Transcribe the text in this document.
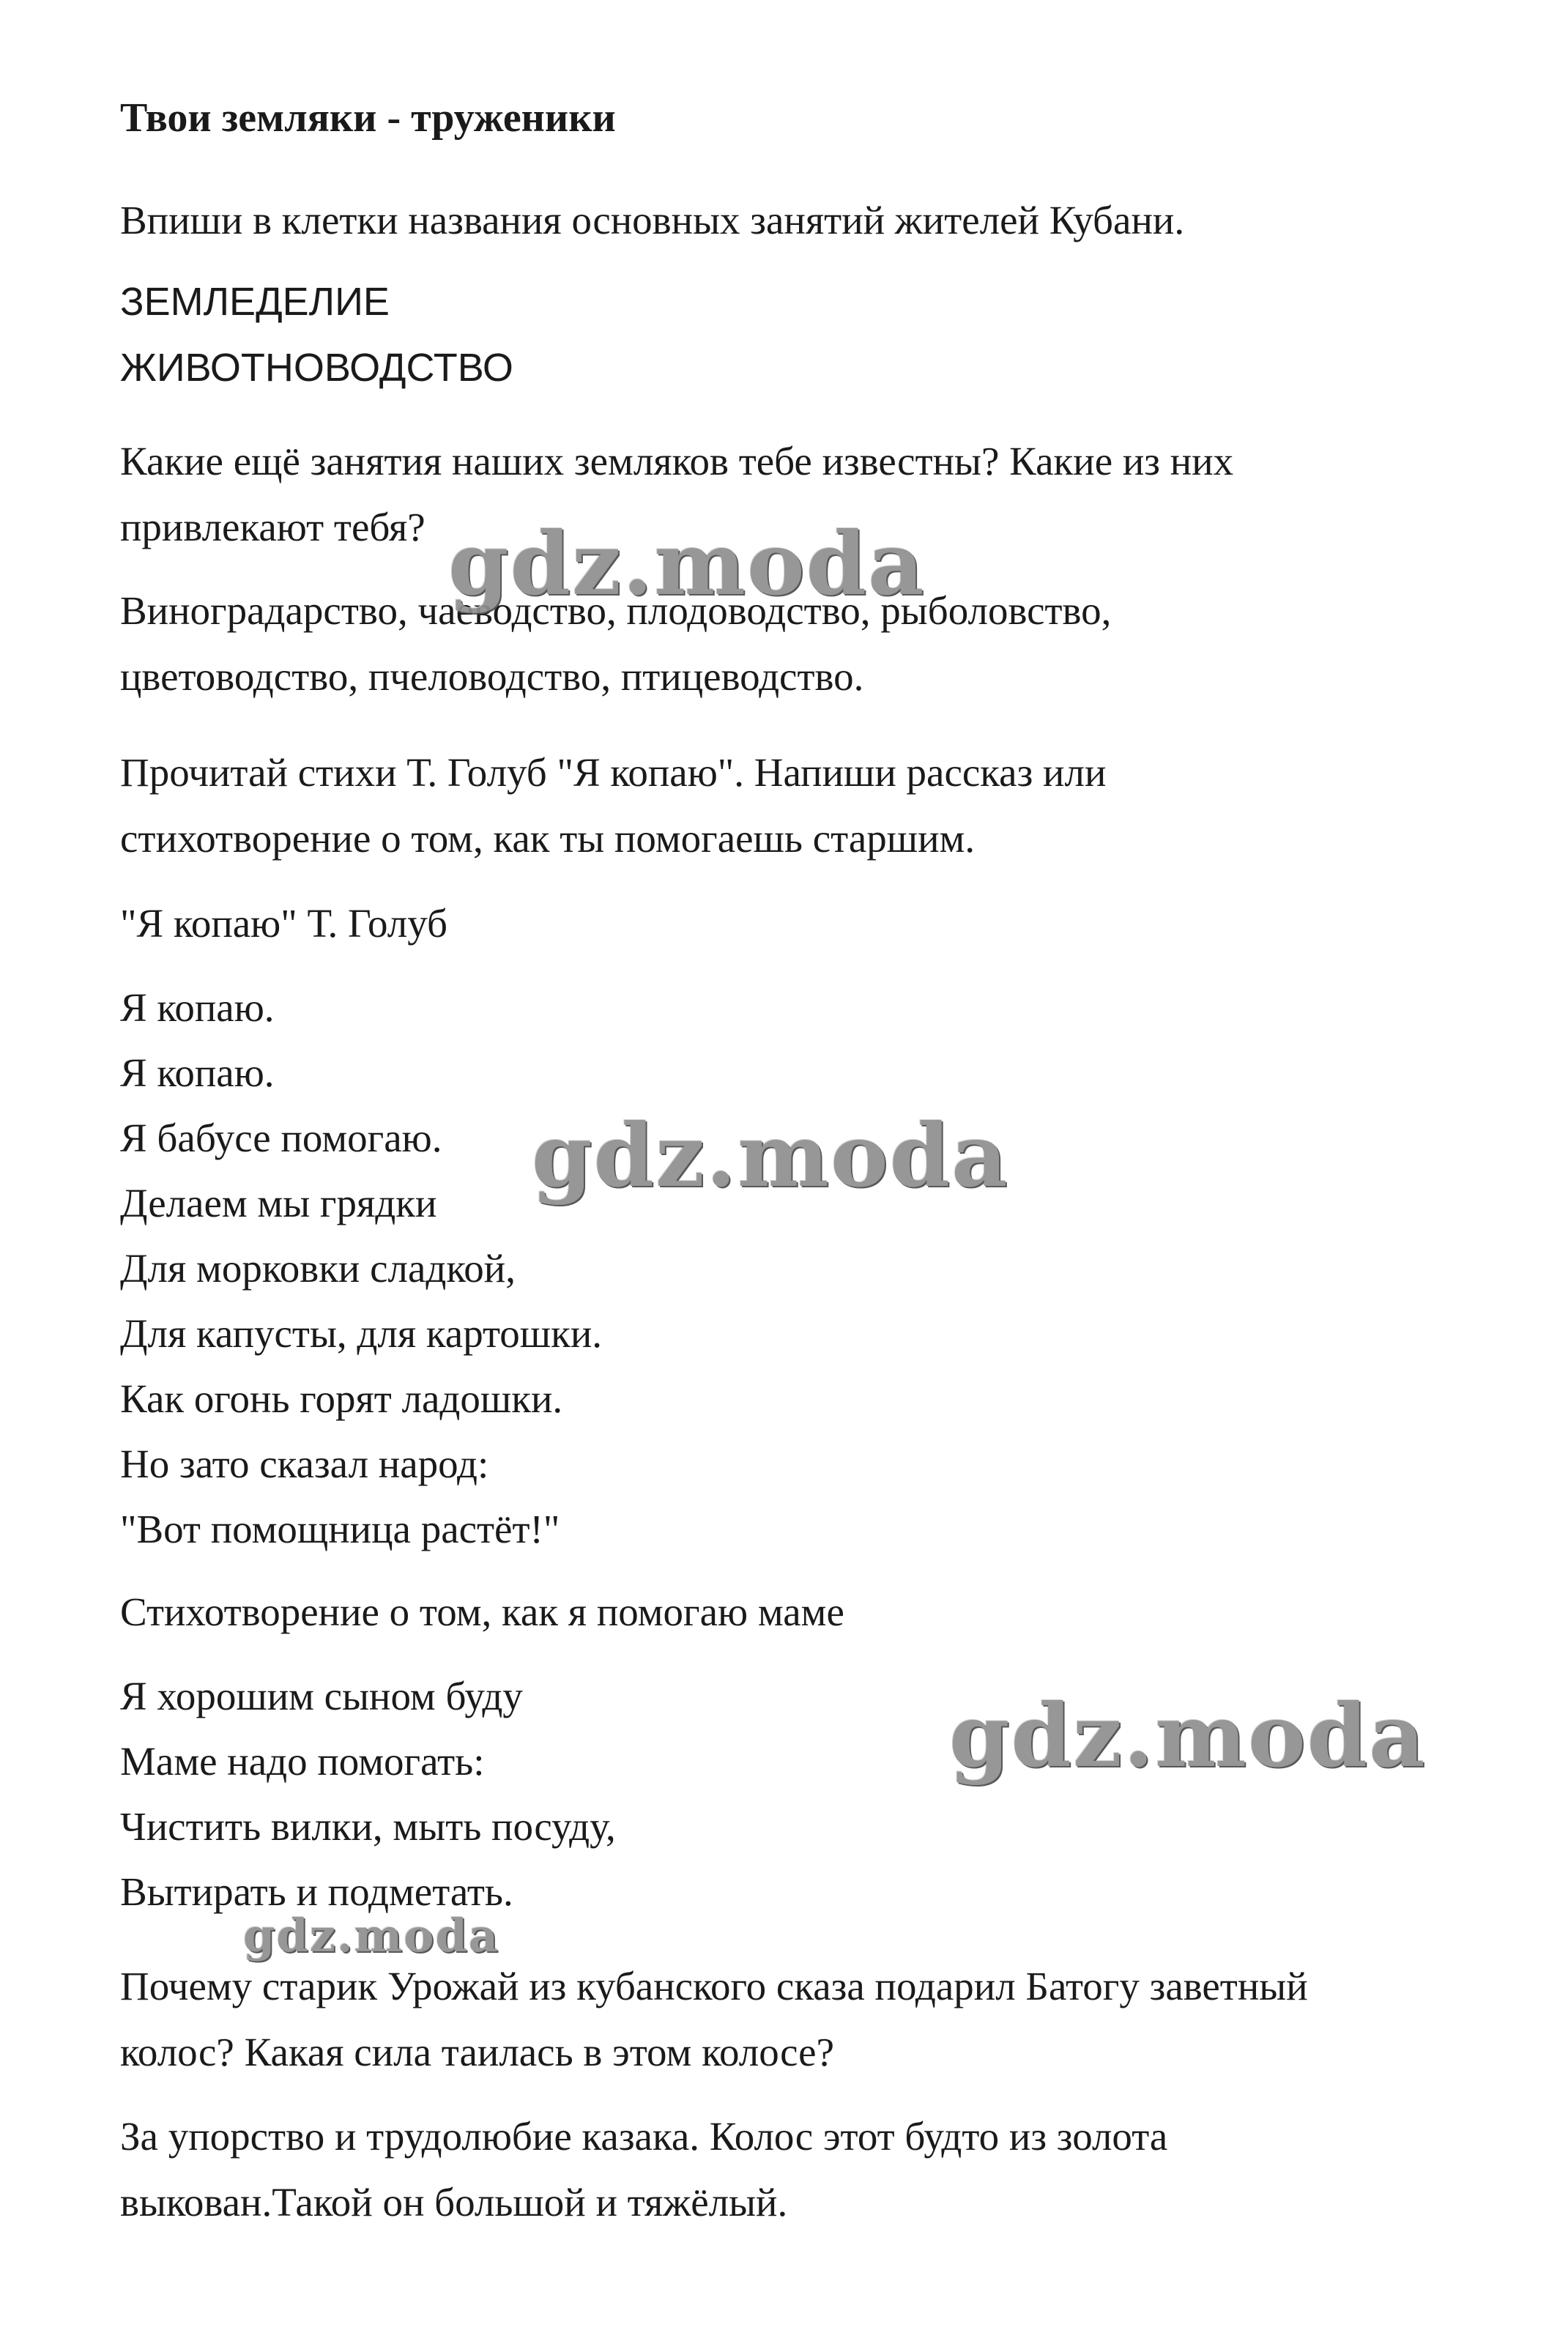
Твои земляки - труженики
Впиши в клетки названия основных занятий жителей Кубани.
ЗЕМЛЕДЕЛИЕ
ЖИВОТНОВОДСТВО
Какие ещё занятия наших земляков тебе известны? Какие из них
привлекают тебя?
Виноградарство, чаеводство, плодоводство, рыболовство,
цветоводство, пчеловодство, птицеводство.
Прочитай стихи Т. Голуб "Я копаю". Напиши рассказ или
стихотворение о том, как ты помогаешь старшим.
"Я копаю" Т. Голуб
Я копаю.
Я копаю.
Я бабусе помогаю.
Делаем мы грядки
Для морковки сладкой,
Для капусты, для картошки.
Как огонь горят ладошки.
Но зато сказал народ:
"Вот помощница растёт!"
Стихотворение о том, как я помогаю маме
Я хорошим сыном буду
Маме надо помогать:
Чистить вилки, мыть посуду,
Вытирать и подметать.
Почему старик Урожай из кубанского сказа подарил Батогу заветный
колос? Какая сила таилась в этом колосе?
За упорство и трудолюбие казака. Колос этот будто из золота
выкован.Такой он большой и тяжёлый.
gdz.moda
gdz.moda
gdz.moda
gdz.moda
